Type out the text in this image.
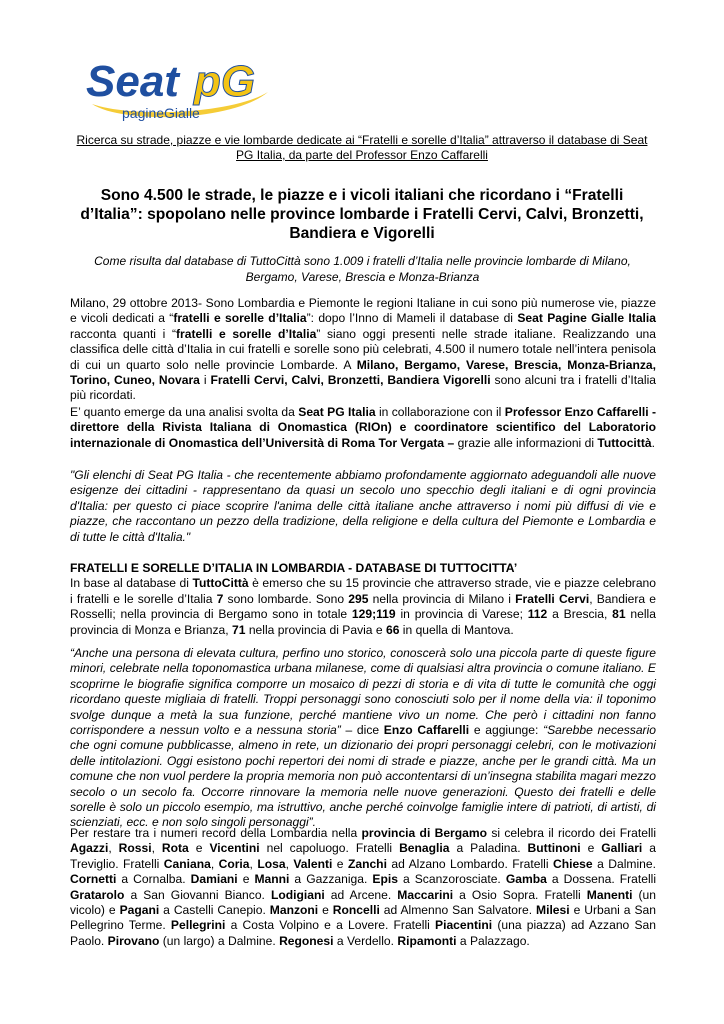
Seat pG
pagineGialle
Ricerca su strade, piazze e vie lombarde dedicate ai “Fratelli e sorelle d’Italia” attraverso il database di Seat PG Italia, da parte del Professor Enzo Caffarelli
Sono 4.500 le strade, le piazze e i vicoli italiani che ricordano i “Fratelli d’Italia”: spopolano nelle province lombarde i Fratelli Cervi, Calvi, Bronzetti, Bandiera e Vigorelli
Come risulta dal database di TuttoCittà sono 1.009 i fratelli d’Italia nelle provincie lombarde di Milano, Bergamo, Varese, Brescia e Monza-Brianza
Milano, 29 ottobre 2013- Sono Lombardia e Piemonte le regioni Italiane in cui sono più numerose vie, piazze e vicoli dedicati a “fratelli e sorelle d’Italia”: dopo l’Inno di Mameli il database di Seat Pagine Gialle Italia racconta quanti i “fratelli e sorelle d’Italia” siano oggi presenti nelle strade italiane. Realizzando una classifica delle città d’Italia in cui fratelli e sorelle sono più celebrati, 4.500 il numero totale nell’intera penisola di cui un quarto solo nelle provincie Lombarde. A Milano, Bergamo, Varese, Brescia, Monza-Brianza, Torino, Cuneo, Novara i Fratelli Cervi, Calvi, Bronzetti, Bandiera Vigorelli sono alcuni tra i fratelli d’Italia più ricordati.
E’ quanto emerge da una analisi svolta da Seat PG Italia in collaborazione con il Professor Enzo Caffarelli - direttore della Rivista Italiana di Onomastica (RIOn) e coordinatore scientifico del Laboratorio internazionale di Onomastica dell’Università di Roma Tor Vergata – grazie alle informazioni di Tuttocittà.
"Gli elenchi di Seat PG Italia - che recentemente abbiamo profondamente aggiornato adeguandoli alle nuove esigenze dei cittadini - rappresentano da quasi un secolo uno specchio degli italiani e di ogni provincia d'Italia: per questo ci piace scoprire l'anima delle città italiane anche attraverso i nomi più diffusi di vie e piazze, che raccontano un pezzo della tradizione, della religione e della cultura del Piemonte e Lombardia e di tutte le città d'Italia."
FRATELLI E SORELLE D’ITALIA IN LOMBARDIA - DATABASE DI TUTTOCITTA’
In base al database di TuttoCittà è emerso che su 15 provincie che attraverso strade, vie e piazze celebrano i fratelli e le sorelle d’Italia 7 sono lombarde. Sono 295 nella provincia di Milano i Fratelli Cervi, Bandiera e Rosselli; nella provincia di Bergamo sono in totale 129;119 in provincia di Varese; 112 a Brescia, 81 nella provincia di Monza e Brianza, 71 nella provincia di Pavia e 66 in quella di Mantova.
“Anche una persona di elevata cultura, perfino uno storico, conoscerà solo una piccola parte di queste figure minori, celebrate nella toponomastica urbana milanese, come di qualsiasi altra provincia o comune italiano. E scoprirne le biografie significa comporre un mosaico di pezzi di storia e di vita di tutte le comunità che oggi ricordano queste migliaia di fratelli. Troppi personaggi sono conosciuti solo per il nome della via: il toponimo svolge dunque a metà la sua funzione, perché mantiene vivo un nome. Che però i cittadini non fanno corrispondere a nessun volto e a nessuna storia” – dice Enzo Caffarelli e aggiunge: “Sarebbe necessario che ogni comune pubblicasse, almeno in rete, un dizionario dei propri personaggi celebri, con le motivazioni delle intitolazioni. Oggi esistono pochi repertori dei nomi di strade e piazze, anche per le grandi città. Ma un comune che non vuol perdere la propria memoria non può accontentarsi di un’insegna stabilita magari mezzo secolo o un secolo fa. Occorre rinnovare la memoria nelle nuove generazioni. Questo dei fratelli e delle sorelle è solo un piccolo esempio, ma istruttivo, anche perché coinvolge famiglie intere di patrioti, di artisti, di scienziati, ecc. e non solo singoli personaggi”.
Per restare tra i numeri record della Lombardia nella provincia di Bergamo si celebra il ricordo dei Fratelli Agazzi, Rossi, Rota e Vicentini nel capoluogo. Fratelli Benaglia a Paladina. Buttinoni e Galliari a Treviglio. Fratelli Caniana, Coria, Losa, Valenti e Zanchi ad Alzano Lombardo. Fratelli Chiese a Dalmine. Cornetti a Cornalba. Damiani e Manni a Gazzaniga. Epis a Scanzorosciate. Gamba a Dossena. Fratelli Gratarolo a San Giovanni Bianco. Lodigiani ad Arcene. Maccarini a Osio Sopra. Fratelli Manenti (un vicolo) e Pagani a Castelli Canepio. Manzoni e Roncelli ad Almenno San Salvatore. Milesi e Urbani a San Pellegrino Terme. Pellegrini a Costa Volpino e a Lovere. Fratelli Piacentini (una piazza) ad Azzano San Paolo. Pirovano (un largo) a Dalmine. Regonesi a Verdello. Ripamonti a Palazzago.
